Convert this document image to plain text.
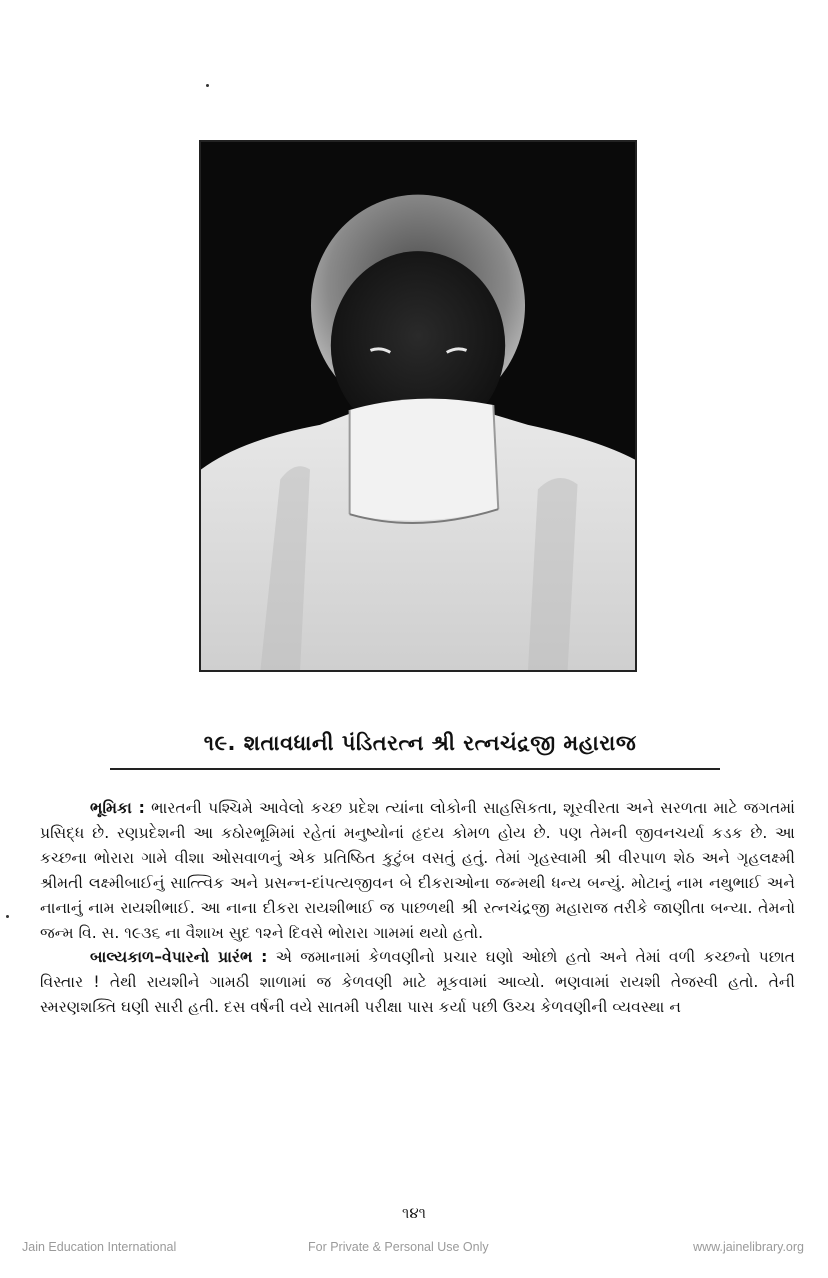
૧૯. શતાવધાની પંડિતરત્ન શ્રી રત્નચંદ્રજી મહારાજ

ભૂમિકા : ભારતની પશ્ચિમે આવેલો કચ્છ પ્રદેશ ત્યાંના લોકોની સાહસિકતા, શૂરવીરતા અને સરળતા માટે જગતમાં પ્રસિદ્ધ છે. રણપ્રદેશની આ કઠોરભૂમિમાં રહેતાં મનુષ્યોનાં હૃદય કોમળ હોય છે. પણ તેમની જીવનચર્યા કડક છે. આ કચ્છના ભોરારા ગામે વીશા ઓસવાળનું એક પ્રતિષ્ઠિત કુટુંબ વસતું હતું. તેમાં ગૃહસ્વામી શ્રી વીરપાળ શેઠ અને ગૃહલક્ષ્મી શ્રીમતી લક્ષ્મીબાઈનું સાત્ત્વિક અને પ્રસન્ન-દાંપત્યજીવન બે દીકરાઓના જન્મથી ધન્ય બન્યું. મોટાનું નામ નથુભાઈ અને નાનાનું નામ રાયશીભાઈ. આ નાના દીકરા રાયશીભાઈ જ પાછળથી શ્રી રત્નચંદ્રજી મહારાજ તરીકે જાણીતા બન્યા. તેમનો જન્મ વિ. સ. ૧૯૩૬ ના વૈશાખ સુદ ૧૨ને દિવસે ભોરારા ગામમાં થયો હતો.

બાલ્યકાળ–વેપારનો પ્રારંભ : એ જમાનામાં કેળવણીનો પ્રચાર ઘણો ઓછો હતો અને તેમાં વળી કચ્છનો પછાત વિસ્તાર ! તેથી રાયશીને ગામઠી શાળામાં જ કેળવણી માટે મૂકવામાં આવ્યો. ભણવામાં રાયશી તેજસ્વી હતો. તેની સ્મરણશક્તિ ઘણી સારી હતી. દસ વર્ષની વયે સાતમી પરીક્ષા પાસ કર્યા પછી ઉચ્ચ કેળવણીની વ્યવસ્થા ન

૧૪૧
Jain Education International	For Private & Personal Use Only	www.jainelibrary.org
